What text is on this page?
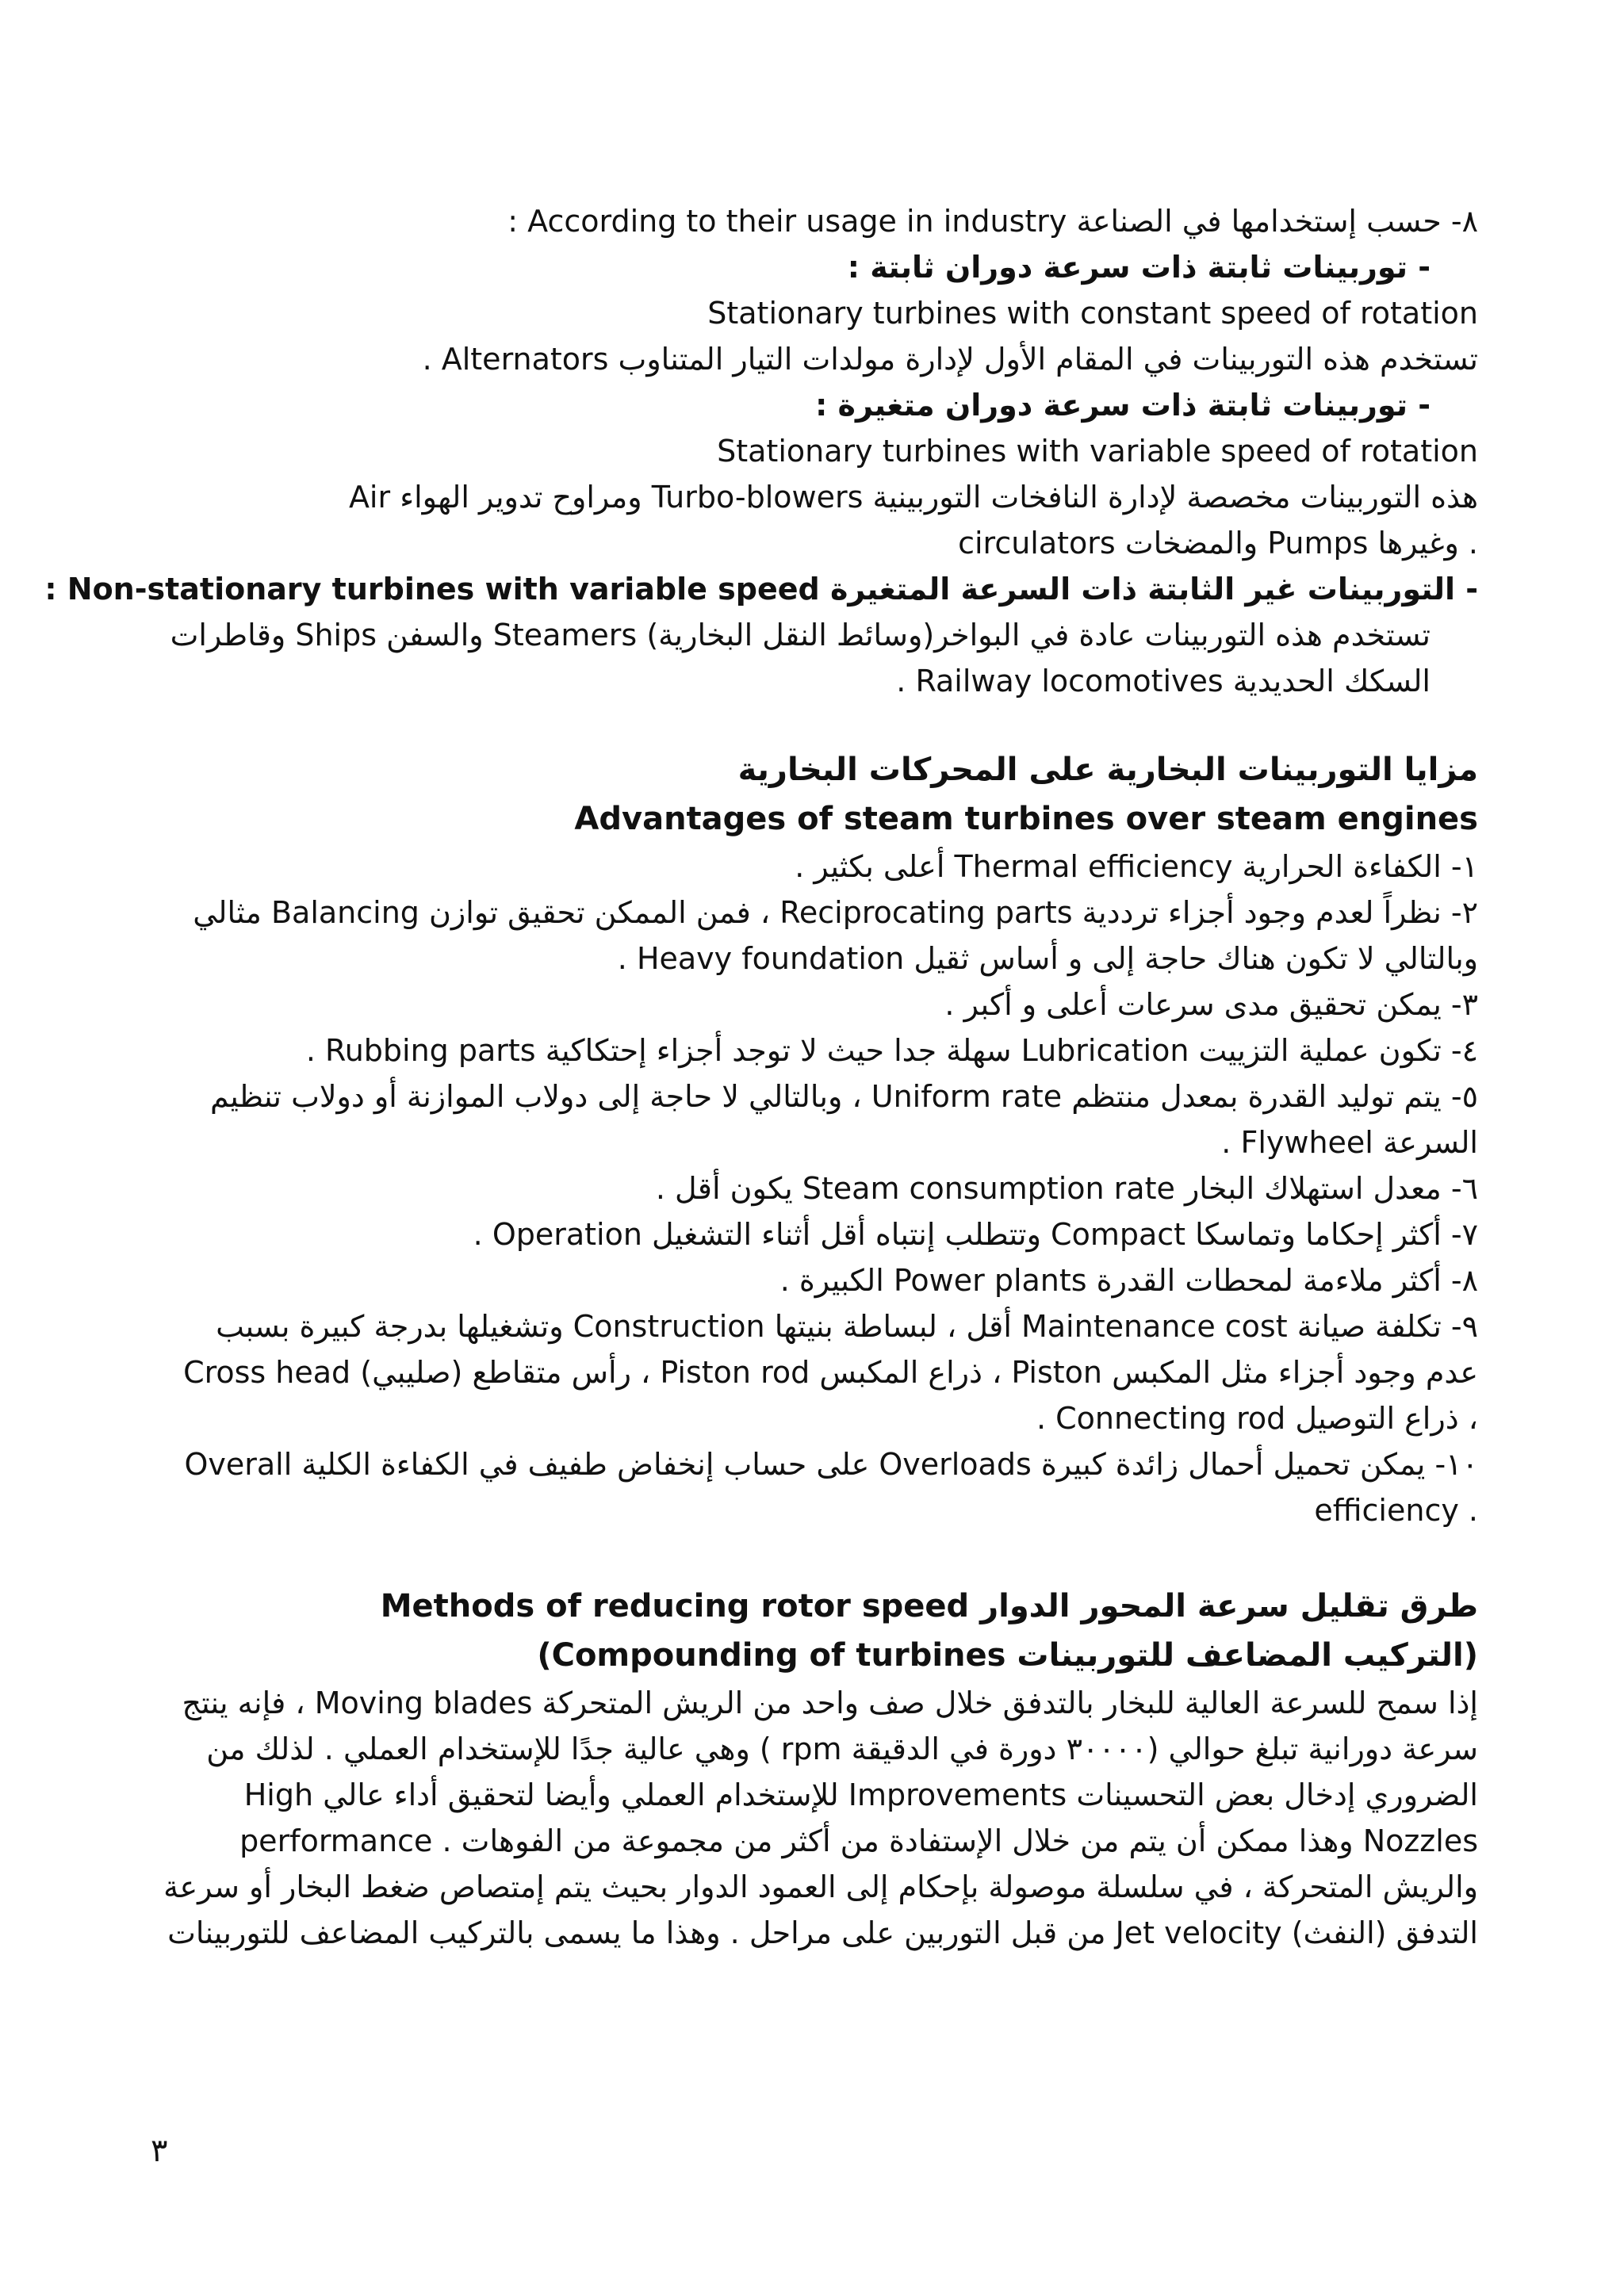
٨- حسب إستخدامها في الصناعة According to their usage in industry :
- توربينات ثابتة ذات سرعة دوران ثابتة :
Stationary turbines with constant speed of rotation
تستخدم هذه التوربينات في المقام الأول لإدارة مولدات التيار المتناوب Alternators .
- توربينات ثابتة ذات سرعة دوران متغيرة :
Stationary turbines with variable speed of rotation
هذه التوربينات مخصصة لإدارة النافخات التوربينية Turbo-blowers ومراوح تدوير الهواء Air
circulators والمضخات Pumps وغيرها .
- التوربينات غير الثابتة ذات السرعة المتغيرة Non-stationary turbines with variable speed :
تستخدم هذه التوربينات عادة في البواخر(وسائط النقل البخارية) Steamers والسفن Ships وقاطرات
السكك الحديدية Railway locomotives .
مزايا التوربينات البخارية على المحركات البخارية
Advantages of steam turbines over steam engines
١- الكفاءة الحرارية Thermal efficiency أعلى بكثير .
٢- نظراً لعدم وجود أجزاء ترددية Reciprocating parts ، فمن الممكن تحقيق توازن Balancing مثالي
وبالتالي لا تكون هناك حاجة إلى و أساس ثقيل Heavy foundation .
٣- يمكن تحقيق مدى سرعات أعلى و أكبر .
٤- تكون عملية التزييت Lubrication سهلة جدا حيث لا توجد أجزاء إحتكاكية Rubbing parts .
٥- يتم توليد القدرة بمعدل منتظم Uniform rate ، وبالتالي لا حاجة إلى دولاب الموازنة أو دولاب تنظيم
السرعة Flywheel .
٦- معدل استهلاك البخار Steam consumption rate يكون أقل .
٧- أكثر إحكاما وتماسكا Compact وتتطلب إنتباه أقل أثناء التشغيل Operation .
٨- أكثر ملاءمة لمحطات القدرة Power plants الكبيرة .
٩- تكلفة صيانة Maintenance cost أقل ، لبساطة بنيتها Construction وتشغيلها بدرجة كبيرة بسبب
عدم وجود أجزاء مثل المكبس Piston ، ذراع المكبس Piston rod ، رأس متقاطع (صليبي) Cross head
، ذراع التوصيل Connecting rod .
١٠- يمكن تحميل أحمال زائدة كبيرة Overloads على حساب إنخفاض طفيف في الكفاءة الكلية Overall
efficiency .
طرق تقليل سرعة المحور الدوار Methods of reducing rotor speed
(التركيب المضاعف للتوربينات Compounding of turbines)
إذا سمح للسرعة العالية للبخار بالتدفق خلال صف واحد من الريش المتحركة Moving blades ، فإنه ينتج
سرعة دورانية تبلغ حوالي (٣٠٠٠٠ دورة في الدقيقة rpm ) وهي عالية جدًا للإستخدام العملي . لذلك من
الضروري إدخال بعض التحسينات Improvements للإستخدام العملي وأيضا لتحقيق أداء عالي High
performance . وهذا ممكن أن يتم من خلال الإستفادة من أكثر من مجموعة من الفوهات Nozzles
والريش المتحركة ، في سلسلة موصولة بإحكام إلى العمود الدوار بحيث يتم إمتصاص ضغط البخار أو سرعة
التدفق (النفث) Jet velocity من قبل التوربين على مراحل . وهذا ما يسمى بالتركيب المضاعف للتوربينات
٣
